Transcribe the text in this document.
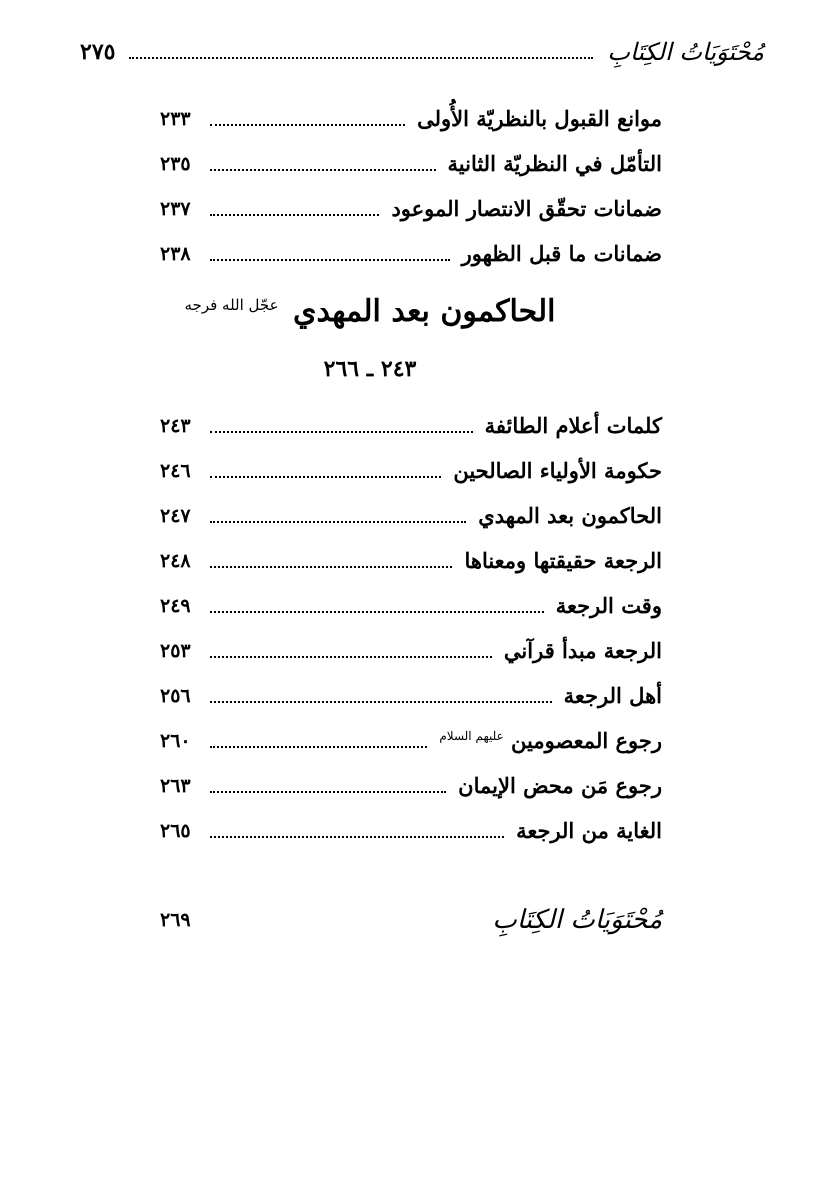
مُحْتَوَيَاتُ الكِتَابِ
٢٧٥
موانع القبول بالنظريّة الأُولى
٢٣٣
التأمّل في النظريّة الثانية
٢٣٥
ضمانات تحقّق الانتصار الموعود
٢٣٧
ضمانات ما قبل الظهور
٢٣٨
الحاكمون بعد المهدي $^{عجّل الله فرجه}$
٢٤٣ ـ ٢٦٦
كلمات أعلام الطائفة
٢٤٣
حكومة الأولياء الصالحين
٢٤٦
الحاكمون بعد المهدي
٢٤٧
الرجعة حقيقتها ومعناها
٢٤٨
وقت الرجعة
٢٤٩
الرجعة مبدأ قرآني
٢٥٣
أهل الرجعة
٢٥٦
رجوع المعصومين $^{عليهم السلام}$
٢٦٠
رجوع مَن محض الإيمان
٢٦٣
الغاية من الرجعة
٢٦٥
مُحْتَوَيَاتُ الكِتَابِ
٢٦٩
